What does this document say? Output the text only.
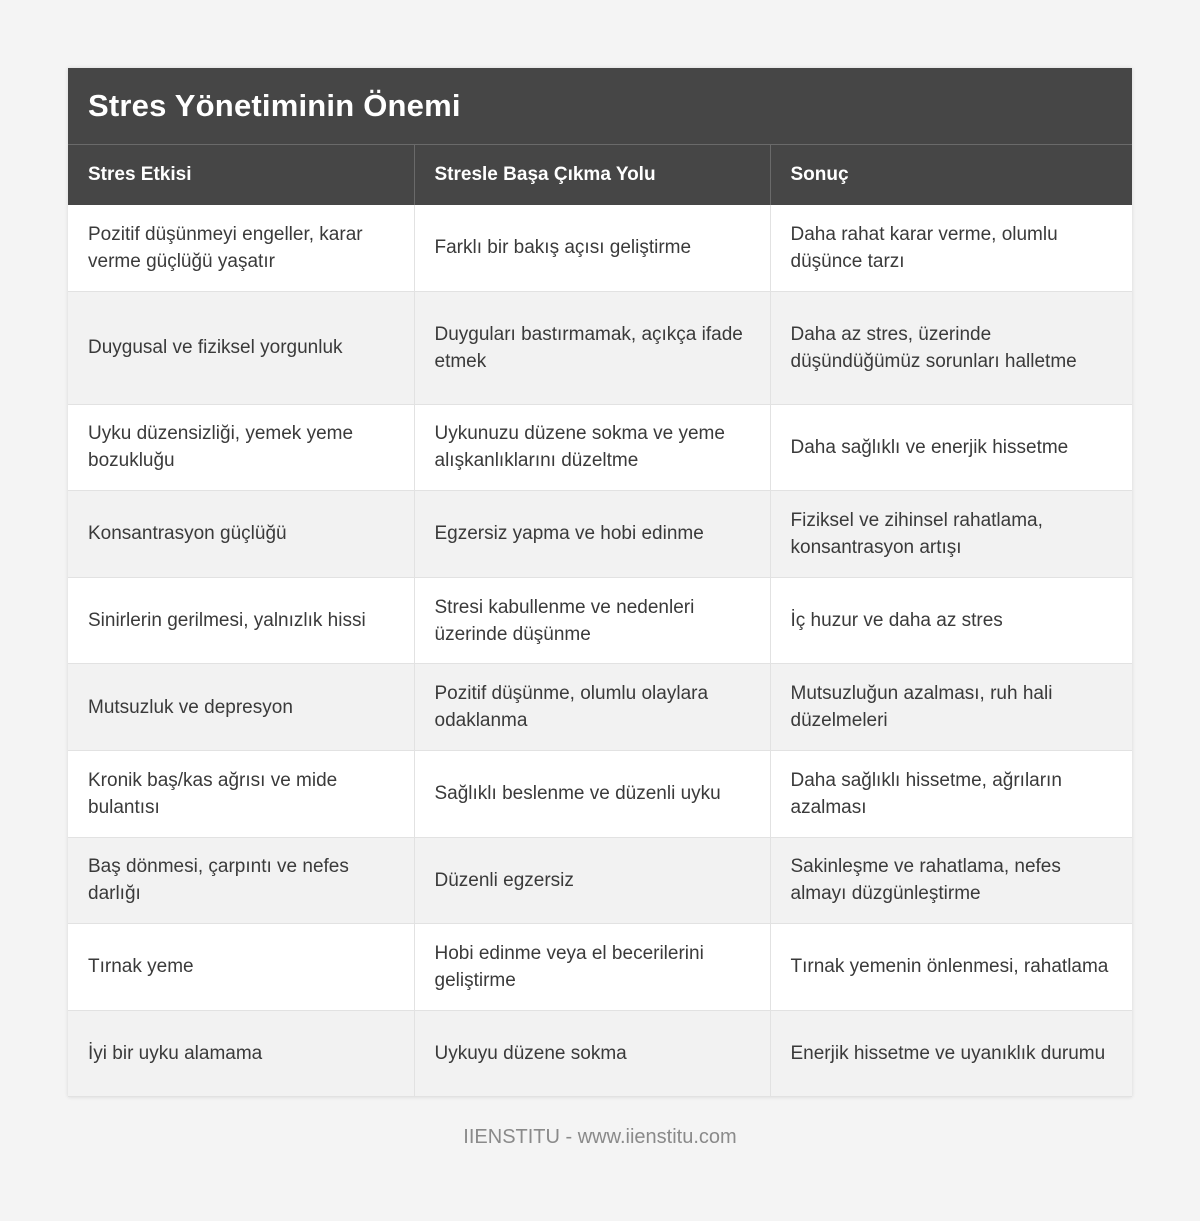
Stres Yönetiminin Önemi
Stres Etkisi	Stresle Başa Çıkma Yolu	Sonuç
Pozitif düşünmeyi engeller, karar verme güçlüğü yaşatır	Farklı bir bakış açısı geliştirme	Daha rahat karar verme, olumlu düşünce tarzı
Duygusal ve fiziksel yorgunluk	Duyguları bastırmamak, açıkça ifade etmek	Daha az stres, üzerinde düşündüğümüz sorunları halletme
Uyku düzensizliği, yemek yeme bozukluğu	Uykunuzu düzene sokma ve yeme alışkanlıklarını düzeltme	Daha sağlıklı ve enerjik hissetme
Konsantrasyon güçlüğü	Egzersiz yapma ve hobi edinme	Fiziksel ve zihinsel rahatlama, konsantrasyon artışı
Sinirlerin gerilmesi, yalnızlık hissi	Stresi kabullenme ve nedenleri üzerinde düşünme	İç huzur ve daha az stres
Mutsuzluk ve depresyon	Pozitif düşünme, olumlu olaylara odaklanma	Mutsuzluğun azalması, ruh hali düzelmeleri
Kronik baş/kas ağrısı ve mide bulantısı	Sağlıklı beslenme ve düzenli uyku	Daha sağlıklı hissetme, ağrıların azalması
Baş dönmesi, çarpıntı ve nefes darlığı	Düzenli egzersiz	Sakinleşme ve rahatlama, nefes almayı düzgünleştirme
Tırnak yeme	Hobi edinme veya el becerilerini geliştirme	Tırnak yemenin önlenmesi, rahatlama
İyi bir uyku alamama	Uykuyu düzene sokma	Enerjik hissetme ve uyanıklık durumu
IIENSTITU - www.iienstitu.com
